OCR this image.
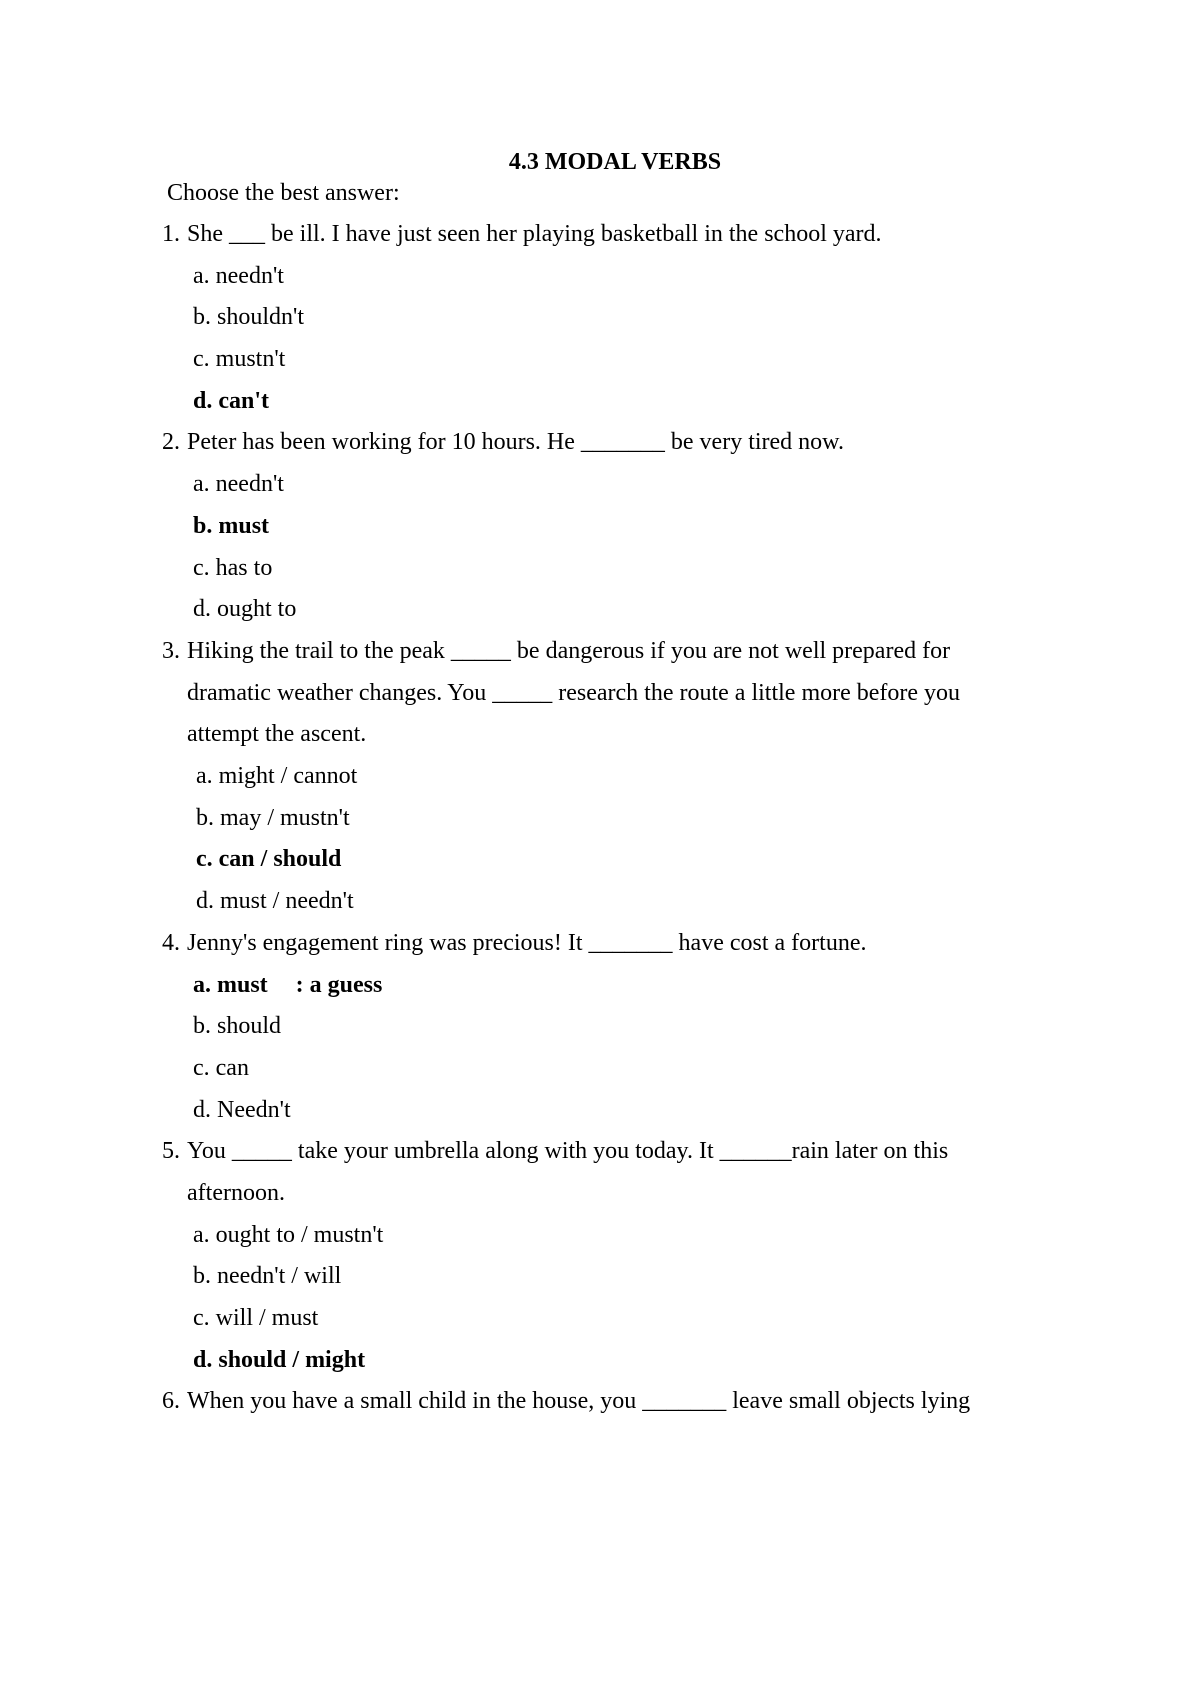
4.3 MODAL VERBS
Choose the best answer:
1. She ___ be ill. I have just seen her playing basketball in the school yard.
a. needn't
b. shouldn't
c. mustn't
d. can't
2. Peter has been working for 10 hours. He _______ be very tired now.
a. needn't
b. must
c. has to
d. ought to
3. Hiking the trail to the peak _____ be dangerous if you are not well prepared for
dramatic weather changes. You _____ research the route a little more before you
attempt the ascent.
a. might / cannot
b. may / mustn't
c. can / should
d. must / needn't
4. Jenny's engagement ring was precious! It _______ have cost a fortune.
a. must : a guess
b. should
c. can
d. Needn't
5. You _____ take your umbrella along with you today. It ______rain later on this
afternoon.
a. ought to / mustn't
b. needn't / will
c. will / must
d. should / might
6. When you have a small child in the house, you _______ leave small objects lying
